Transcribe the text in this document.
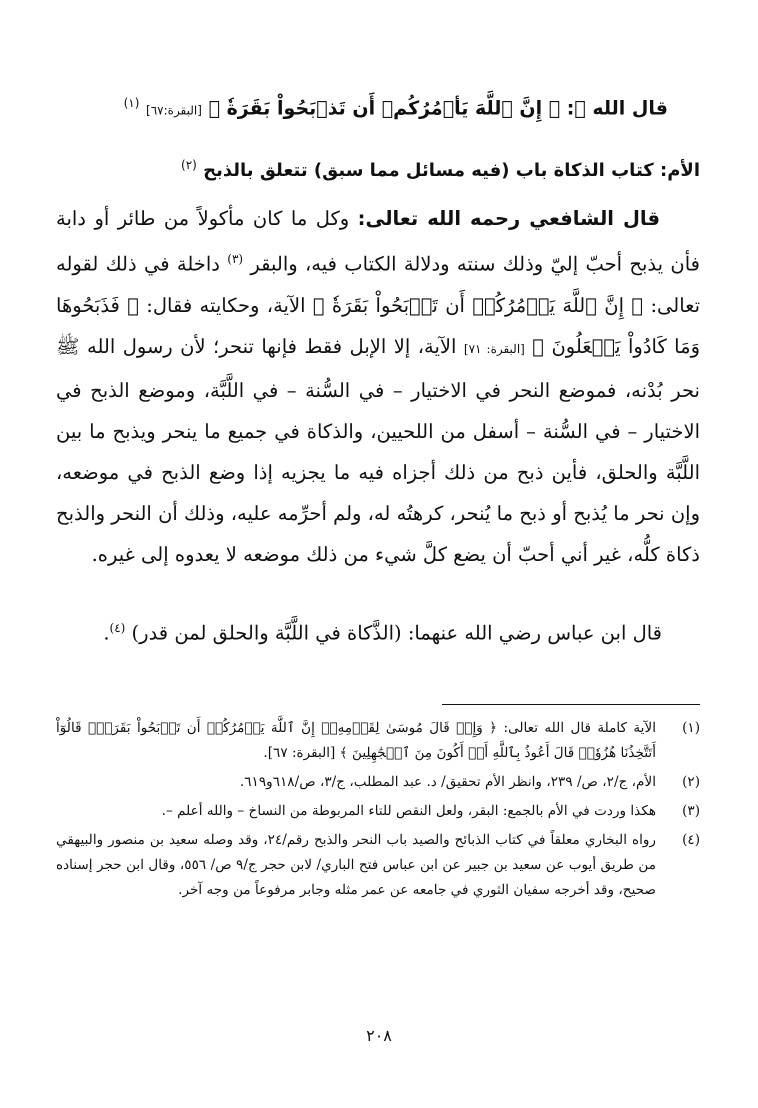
قال الله ﷻ: ﴿ إِنَّ ٱللَّهَ يَأۡمُرُكُمۡ أَن تَذۡبَحُواْ بَقَرَةٗ ﴾ [البقرة:٦٧] $^{(١)}$
الأم: كتاب الذكاة باب (فيه مسائل مما سبق) تتعلق بالذبح $^{(٢)}$

قال الشافعي رحمه الله تعالى: وكل ما كان مأكولاً من طائر أو دابة فأن يذبح أحبّ إليّ وذلك سنته ودلالة الكتاب فيه، والبقر $^{(٣)}$ داخلة في ذلك لقوله تعالى: ﴿ إِنَّ ٱللَّهَ يَأۡمُرُكُمۡ أَن تَذۡبَحُواْ بَقَرَةٗ ﴾ الآية، وحكايته فقال: ﴿ فَذَبَحُوهَا وَمَا كَادُواْ يَفۡعَلُونَ ﴾ [البقرة: ٧١] الآية، إلا الإبل فقط فإنها تنحر؛ لأن رسول الله ﷺ نحر بُدْنه، فموضع النحر في الاختيار – في السُّنة – في اللَّبَّة، وموضع الذبح في الاختيار – في السُّنة – أسفل من اللحيين، والذكاة في جميع ما ينحر ويذبح ما بين اللَّبَّة والحلق، فأين ذبح من ذلك أجزاه فيه ما يجزيه إذا وضع الذبح في موضعه، وإن نحر ما يُذبح أو ذبح ما يُنحر، كرهتُه له، ولم أحرِّمه عليه، وذلك أن النحر والذبح ذكاة كلُّه، غير أني أحبّ أن يضع كلَّ شيء من ذلك موضعه لا يعدوه إلى غيره.

قال ابن عباس رضي الله عنهما: (الذَّكاة في اللَّبَّة والحلق لمن قدر) $^{(٤)}$.
(١)
الآية كاملة قال الله تعالى: ﴿ وَإِذۡ قَالَ مُوسَىٰ لِقَوۡمِهِۦٓ إِنَّ ٱللَّهَ يَأۡمُرُكُمۡ أَن تَذۡبَحُواْ بَقَرَةٗۖ قَالُوٓاْ أَتَتَّخِذُنَا هُزُوٗاۖ قَالَ أَعُوذُ بِٱللَّهِ أَنۡ أَكُونَ مِنَ ٱلۡجَٰهِلِينَ ﴾ [البقرة: ٦٧].
(٢)
الأم، ج/٢، ص/ ٢٣٩، وانظر الأم تحقيق/ د. عبد المطلب، ج/٣، ص/٦١٨و٦١٩.
(٣)
هكذا وردت في الأم بالجمع: البقر، ولعل النقص للتاء المربوطة من النساخ – والله أعلم –.
(٤)
رواه البخاري معلقاً في كتاب الذبائح والصيد باب النحر والذبح رقم/٢٤، وقد وصله سعيد بن منصور والبيهقي من طريق أيوب عن سعيد بن جبير عن ابن عباس فتح الباري/ لابن حجر ج/٩ ص/ ٥٥٦، وقال ابن حجر إسناده صحيح، وقد أخرجه سفيان الثوري في جامعه عن عمر مثله وجابر مرفوعاً من وجه آخر.
٢٠٨
